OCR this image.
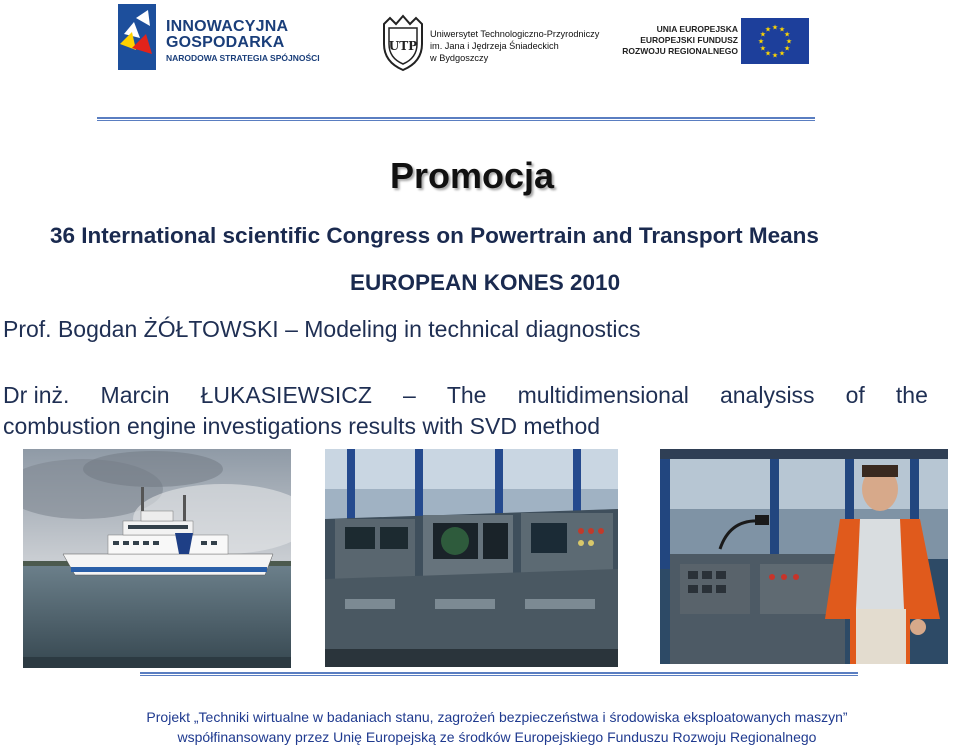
INNOWACYJNA
GOSPODARKA
NARODOWA STRATEGIA SPÓJNOŚCI
UTP
Uniwersytet Technologiczno-Przyrodniczy
im. Jana i Jędrzeja Śniadeckich
w Bydgoszczy
UNIA EUROPEJSKA
EUROPEJSKI FUNDUSZ
ROZWOJU REGIONALNEGO
★ ★
★
★
★
★
★
★
★
★
★
★
Promocja
36 International scientific Congress on Powertrain and Transport Means
EUROPEAN KONES 2010
Prof. Bogdan ŻÓŁTOWSKI – Modeling in technical diagnostics
Dr inż. Marcin ŁUKASIEWSICZ – The multidimensional analysiss of the
combustion engine investigations results with SVD method
Projekt „Techniki wirtualne w badaniach stanu, zagrożeń bezpieczeństwa i środowiska eksploatowanych maszyn”
współfinansowany przez Unię Europejską ze środków Europejskiego Funduszu Rozwoju Regionalnego
